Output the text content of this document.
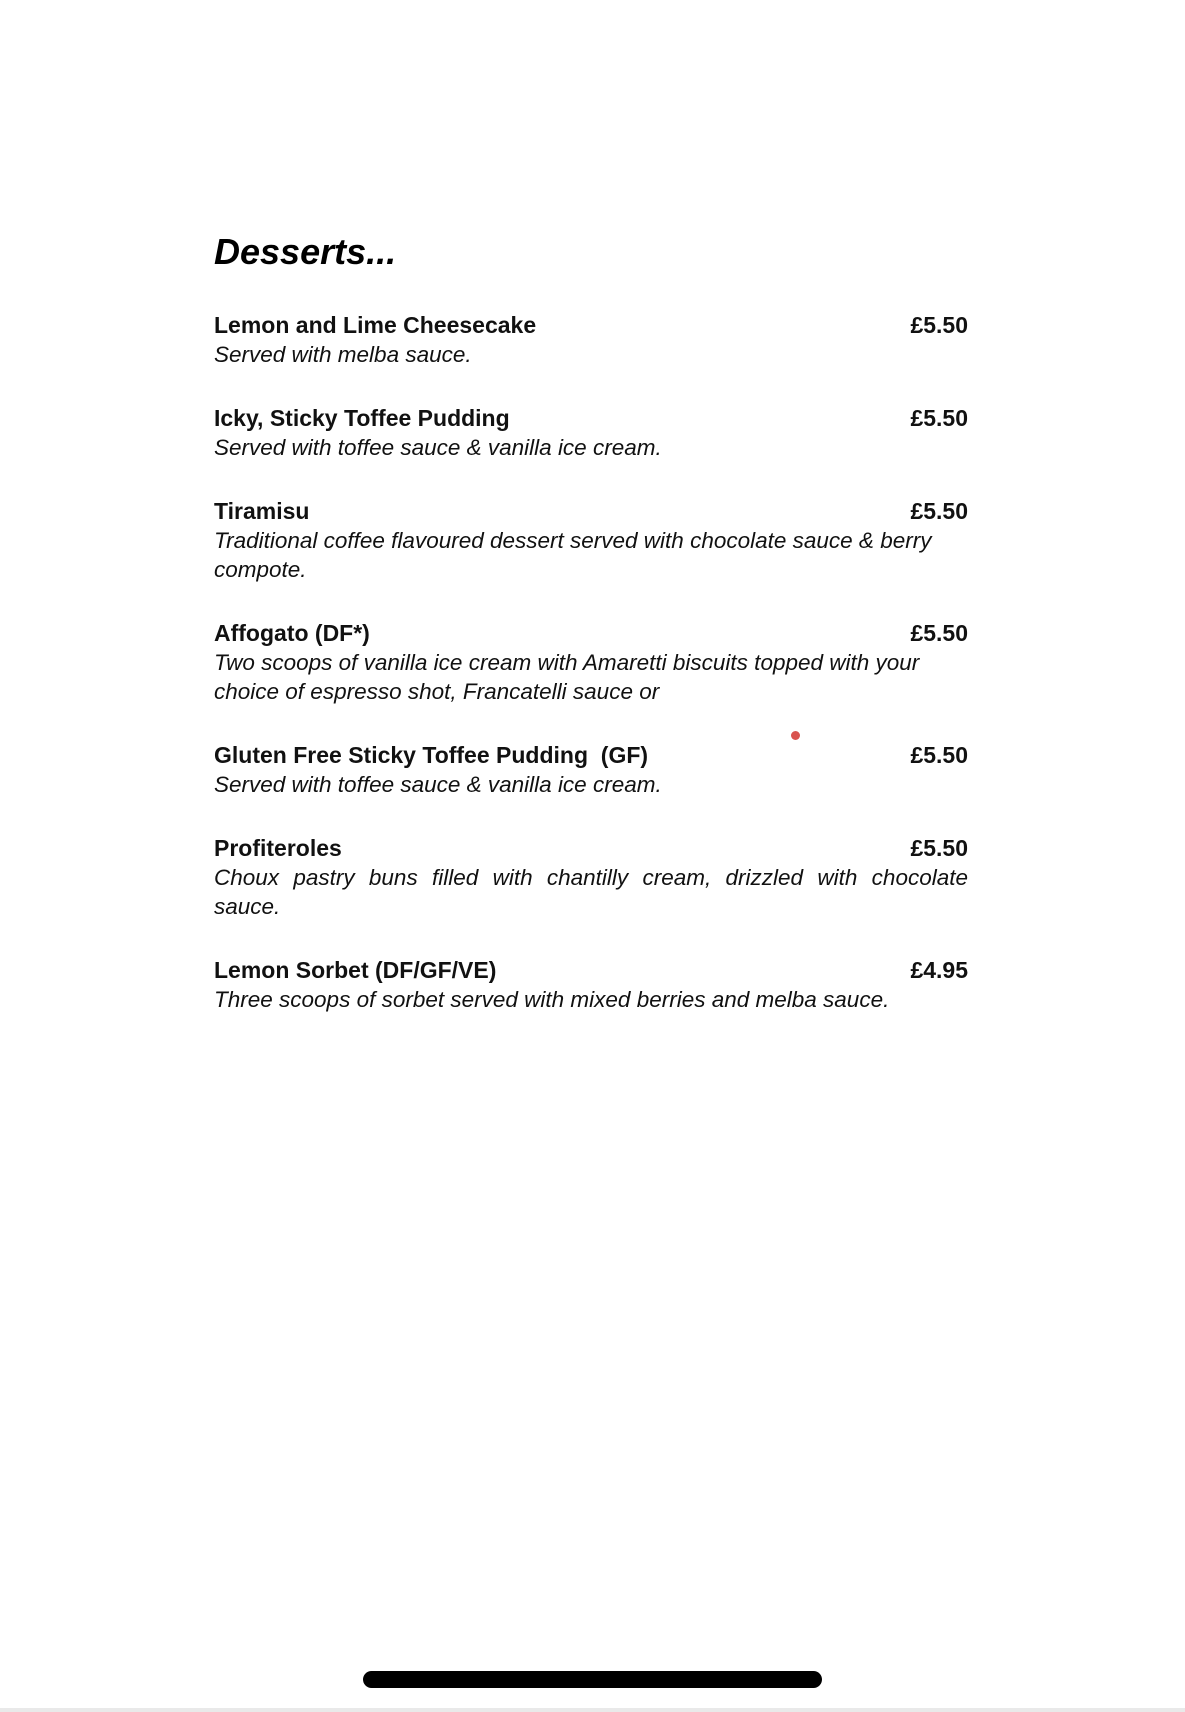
Desserts...
Lemon and Lime Cheesecake	£5.50

Served with melba sauce.

Icky, Sticky Toffee Pudding	£5.50

Served with toffee sauce & vanilla ice cream.

Tiramisu	£5.50

Traditional coffee flavoured dessert served with chocolate sauce & berry compote.

Affogato (DF*)	£5.50

Two scoops of vanilla ice cream with Amaretti biscuits topped with your choice of espresso shot, Francatelli sauce or

Gluten Free Sticky Toffee Pudding  (GF)	£5.50

Served with toffee sauce & vanilla ice cream.

Profiteroles	£5.50

Choux pastry buns filled with chantilly cream, drizzled with chocolate sauce.

Lemon Sorbet (DF/GF/VE)	£4.95

Three scoops of sorbet served with mixed berries and melba sauce.
